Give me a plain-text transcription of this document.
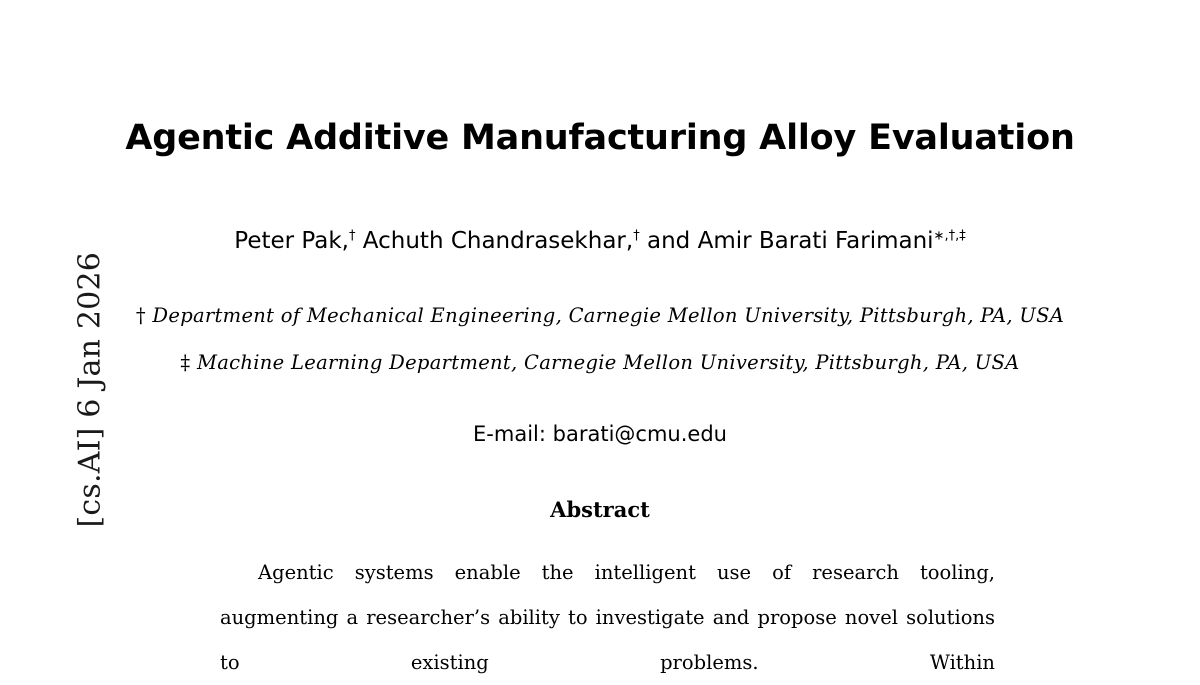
[cs.AI] 6 Jan 2026
Agentic Additive Manufacturing Alloy Evaluation
Peter Pak,† Achuth Chandrasekhar,† and Amir Barati Farimani∗,†,‡
† Department of Mechanical Engineering, Carnegie Mellon University, Pittsburgh, PA, USA
‡ Machine Learning Department, Carnegie Mellon University, Pittsburgh, PA, USA
E-mail: barati@cmu.edu
Abstract

Agentic systems enable the intelligent use of research tooling, augmenting a researcher’s ability to investigate and propose novel solutions to existing problems. Within
